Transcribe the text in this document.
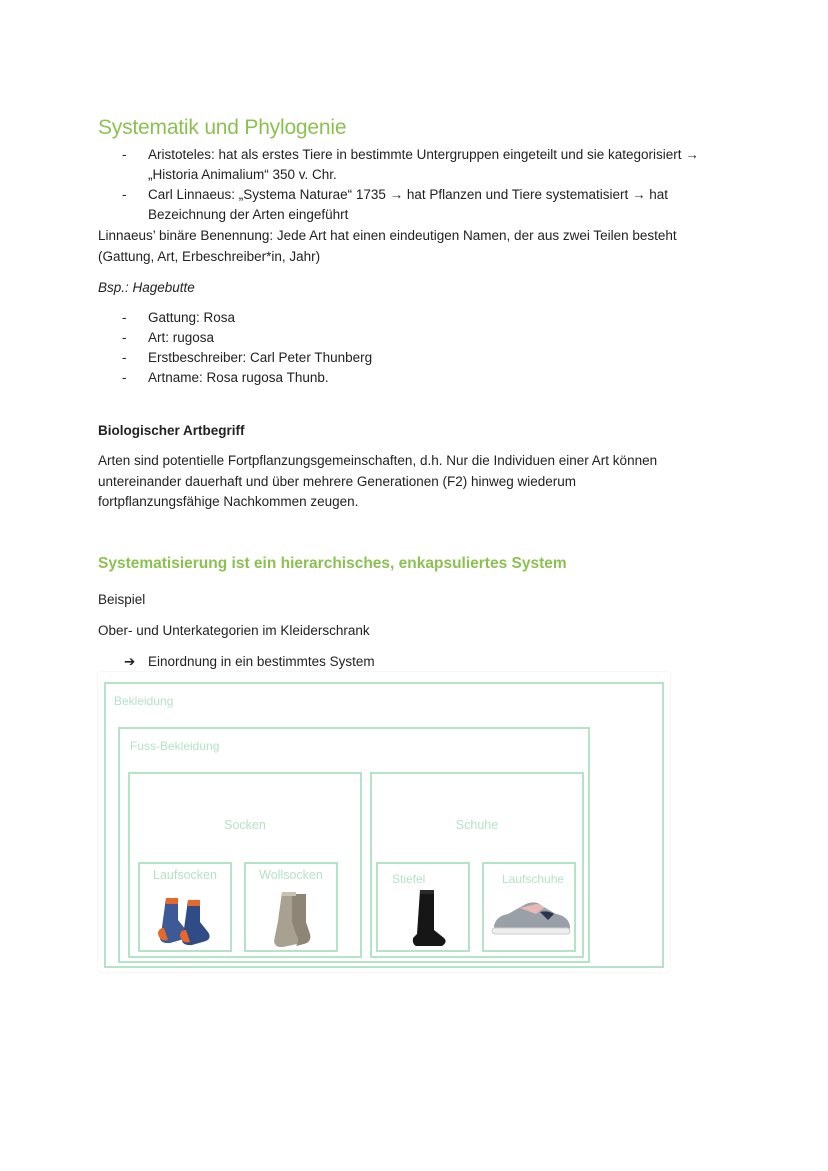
Systematik und Phylogenie
- Aristoteles: hat als erstes Tiere in bestimmte Untergruppen eingeteilt und sie kategorisiert →
„Historia Animalium“ 350 v. Chr.
- Carl Linnaeus: „Systema Naturae“ 1735 → hat Pflanzen und Tiere systematisiert → hat
Bezeichnung der Arten eingeführt

Linnaeus’ binäre Benennung: Jede Art hat einen eindeutigen Namen, der aus zwei Teilen besteht
(Gattung, Art, Erbeschreiber*in, Jahr)

Bsp.: Hagebutte

- Gattung: Rosa
- Art: rugosa
- Erstbeschreiber: Carl Peter Thunberg
- Artname: Rosa rugosa Thunb.

Biologischer Artbegriff

Arten sind potentielle Fortpflanzungsgemeinschaften, d.h. Nur die Individuen einer Art können
untereinander dauerhaft und über mehrere Generationen (F2) hinweg wiederum
fortpflanzungsfähige Nachkommen zeugen.

Systematisierung ist ein hierarchisches, enkapsuliertes System

Beispiel

Ober- und Unterkategorien im Kleiderschrank

➔ Einordnung in ein bestimmtes System
Bekleidung
Fuss-Bekleidung
Socken	Schuhe
Laufsocken	Wollsocken	Stiefel	Laufschuhe
